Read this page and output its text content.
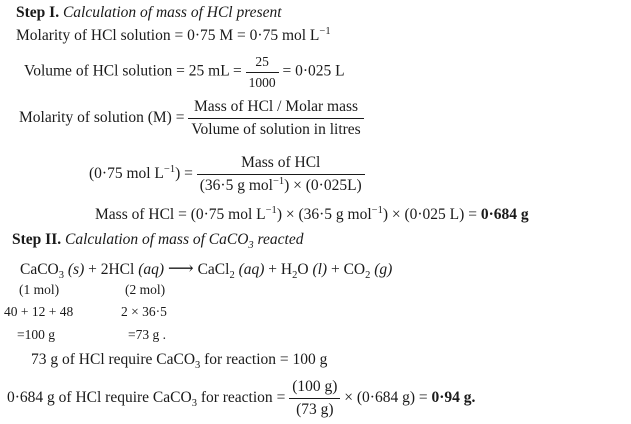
Step I. Calculation of mass of HCl present
Molarity of HCl solution = 0·75 M = 0·75 mol $L^{-1}$
Volume of HCl solution = 25 mL = $\frac{25}{1000} = 0\cdot 025$ L
Molarity of solution $(M) = \frac{\text{Mass of HCl / Molar mass}}{\text{Volume of solution in litres}}$
(0·75 mol $L^{-1}) = \frac{\text{Mass of HCl}}{(36\cdot 5 g mol^{-1}) \times (0\cdot 025L)}$
Mass of HCl = (0·75 mol $L^{-1}) \times (36\cdot 5$ g mol$^{-1}$) × (0·025 L) = 0·684 g
Step II. Calculation of mass of CaCO$_3$ reacted
CaCO$_3$ (s) + 2HCl (aq) ⟶ CaCl$_2$ $(aq) + H_2O$ $(l) + CO_2$ (g)
(1 mol)	(2 mol)
40 + 12 + 48	2 × 36·5
=100 g	=73 g .
73 g of HCl require CaCO$_3$ for reaction = 100 g
0·684 g of HCl require CaCO$_3$ for reaction = $\frac{(100 g)}{(73 g)} \times (0\cdot 684$ g) = 0·94 g.
